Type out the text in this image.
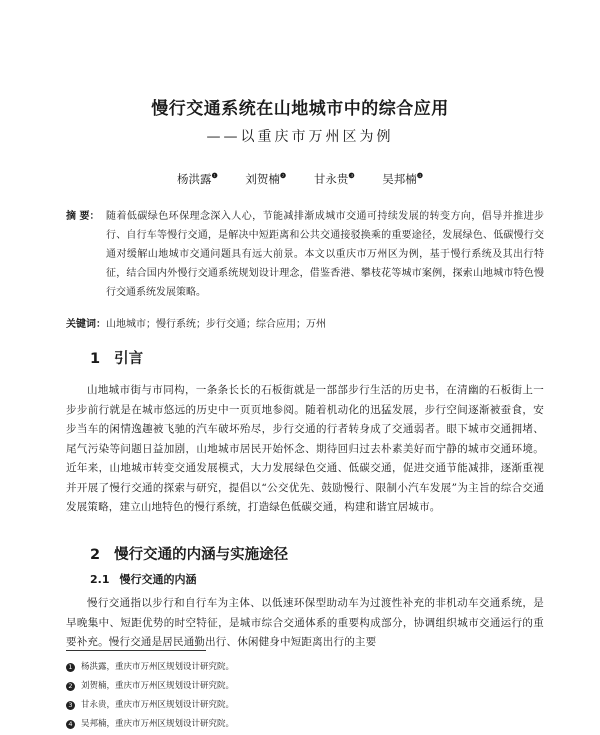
慢行交通系统在山地城市中的综合应用
——以重庆市万州区为例
杨洪露$^❶$ 刘贺楠$^❷$ 甘永贵$^❸$ 吴邦楠$^❹$
摘 要： 随着低碳绿色环保理念深入人心，节能减排渐成城市交通可持续发展的转变方向，倡导并推进步行、自行车等慢行交通，是解决中短距离和公共交通接驳换乘的重要途径，发展绿色、低碳慢行交通对缓解山地城市交通问题具有远大前景。本文以重庆市万州区为例，基于慢行系统及其出行特征，结合国内外慢行交通系统规划设计理念，借鉴香港、攀枝花等城市案例，探索山地城市特色慢行交通系统发展策略。
关键词：山地城市；慢行系统；步行交通；综合应用；万州
1 引言
山地城市街与市同构，一条条长长的石板街就是一部部步行生活的历史书，在清幽的石板街上一步步前行就是在城市悠远的历史中一页页地参阅。随着机动化的迅猛发展，步行空间逐渐被蚕食，安步当车的闲情逸趣被飞驰的汽车破坏殆尽，步行交通的行者转身成了交通弱者。眼下城市交通拥堵、尾气污染等问题日益加剧，山地城市居民开始怀念、期待回归过去朴素美好而宁静的城市交通环境。近年来，山地城市转变交通发展模式，大力发展绿色交通、低碳交通，促进交通节能减排，逐渐重视并开展了慢行交通的探索与研究，提倡以“公交优先、鼓励慢行、限制小汽车发展”为主旨的综合交通发展策略，建立山地特色的慢行系统，打造绿色低碳交通，构建和谐宜居城市。
2 慢行交通的内涵与实施途径
2.1 慢行交通的内涵
慢行交通指以步行和自行车为主体、以低速环保型助动车为过渡性补充的非机动车交通系统，是早晚集中、短距优势的时空特征，是城市综合交通体系的重要构成部分，协调组织城市交通运行的重要补充。慢行交通是居民通勤出行、休闲健身中短距离出行的主要
1 杨洪露，重庆市万州区规划设计研究院。
2 刘贺楠，重庆市万州区规划设计研究院。
3 甘永贵，重庆市万州区规划设计研究院。
4 吴邦楠，重庆市万州区规划设计研究院。
